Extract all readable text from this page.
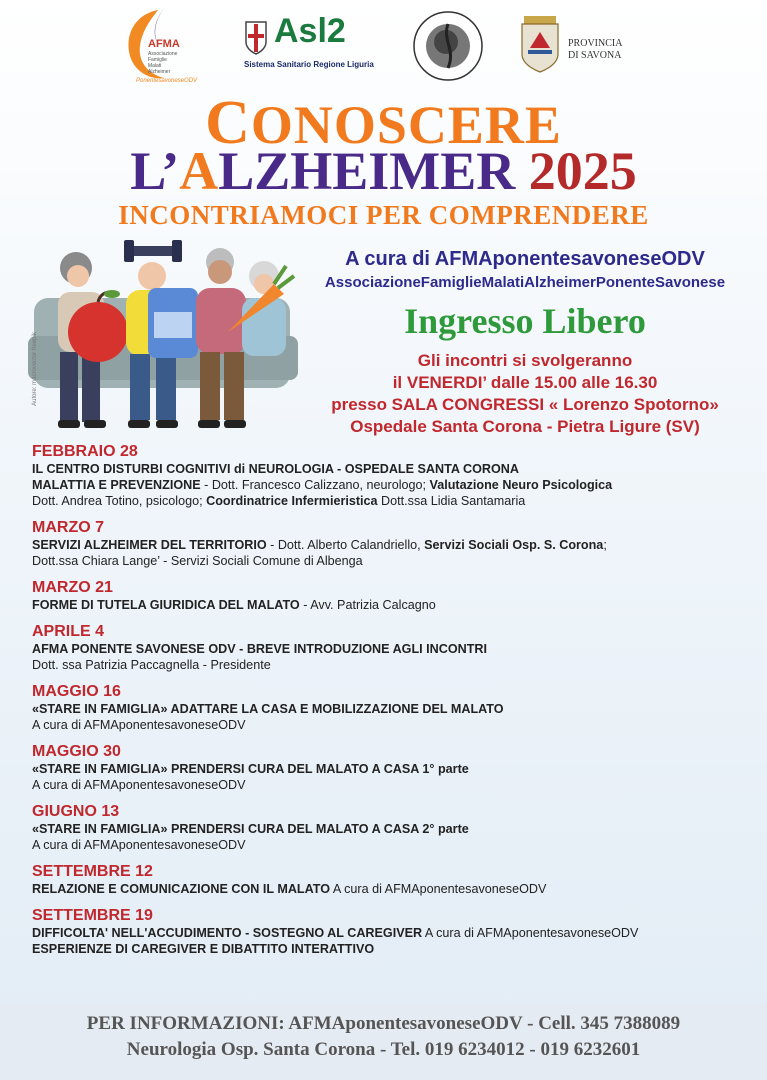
AFMA
Associazione
Famiglie
Malati
Alzheimer
PonentesavoneseODV
Asl2
Sistema Sanitario Regione Liguria
PROVINCIA
DI SAVONA
CONOSCERE
L’ALZHEIMER 2025
INCONTRIAMOCI PER COMPRENDERE
Autore: macrovector freepik
A cura di AFMAponentesavoneseODV
AssociazioneFamiglieMalatiAlzheimerPonenteSavonese
Ingresso Libero
Gli incontri si svolgeranno
il VENERDI’ dalle 15.00 alle 16.30
presso SALA CONGRESSI « Lorenzo Spotorno»
Ospedale Santa Corona - Pietra Ligure (SV)
FEBBRAIO 28
IL CENTRO DISTURBI COGNITIVI di NEUROLOGIA - OSPEDALE SANTA CORONA
MALATTIA E PREVENZIONE - Dott. Francesco Calizzano, neurologo; Valutazione Neuro Psicologica
Dott. Andrea Totino, psicologo; Coordinatrice Infermieristica Dott.ssa Lidia Santamaria
MARZO 7
SERVIZI ALZHEIMER DEL TERRITORIO - Dott. Alberto Calandriello, Servizi Sociali Osp. S. Corona;
Dott.ssa Chiara Lange’ - Servizi Sociali Comune di Albenga
MARZO 21
FORME DI TUTELA GIURIDICA DEL MALATO - Avv. Patrizia Calcagno
APRILE 4
AFMA PONENTE SAVONESE ODV - BREVE INTRODUZIONE AGLI INCONTRI
Dott. ssa Patrizia Paccagnella - Presidente
MAGGIO 16
«STARE IN FAMIGLIA» ADATTARE LA CASA E MOBILIZZAZIONE DEL MALATO
A cura di AFMAponentesavoneseODV
MAGGIO 30
«STARE IN FAMIGLIA» PRENDERSI CURA DEL MALATO A CASA 1° parte
A cura di AFMAponentesavoneseODV
GIUGNO 13
«STARE IN FAMIGLIA» PRENDERSI CURA DEL MALATO A CASA 2° parte
A cura di AFMAponentesavoneseODV
SETTEMBRE 12
RELAZIONE E COMUNICAZIONE CON IL MALATO A cura di AFMAponentesavoneseODV
SETTEMBRE 19
DIFFICOLTA' NELL'ACCUDIMENTO - SOSTEGNO AL CAREGIVER A cura di AFMAponentesavoneseODV
ESPERIENZE DI CAREGIVER E DIBATTITO INTERATTIVO
PER INFORMAZIONI: AFMAponentesavoneseODV - Cell. 345 7388089
Neurologia Osp. Santa Corona - Tel. 019 6234012 - 019 6232601
